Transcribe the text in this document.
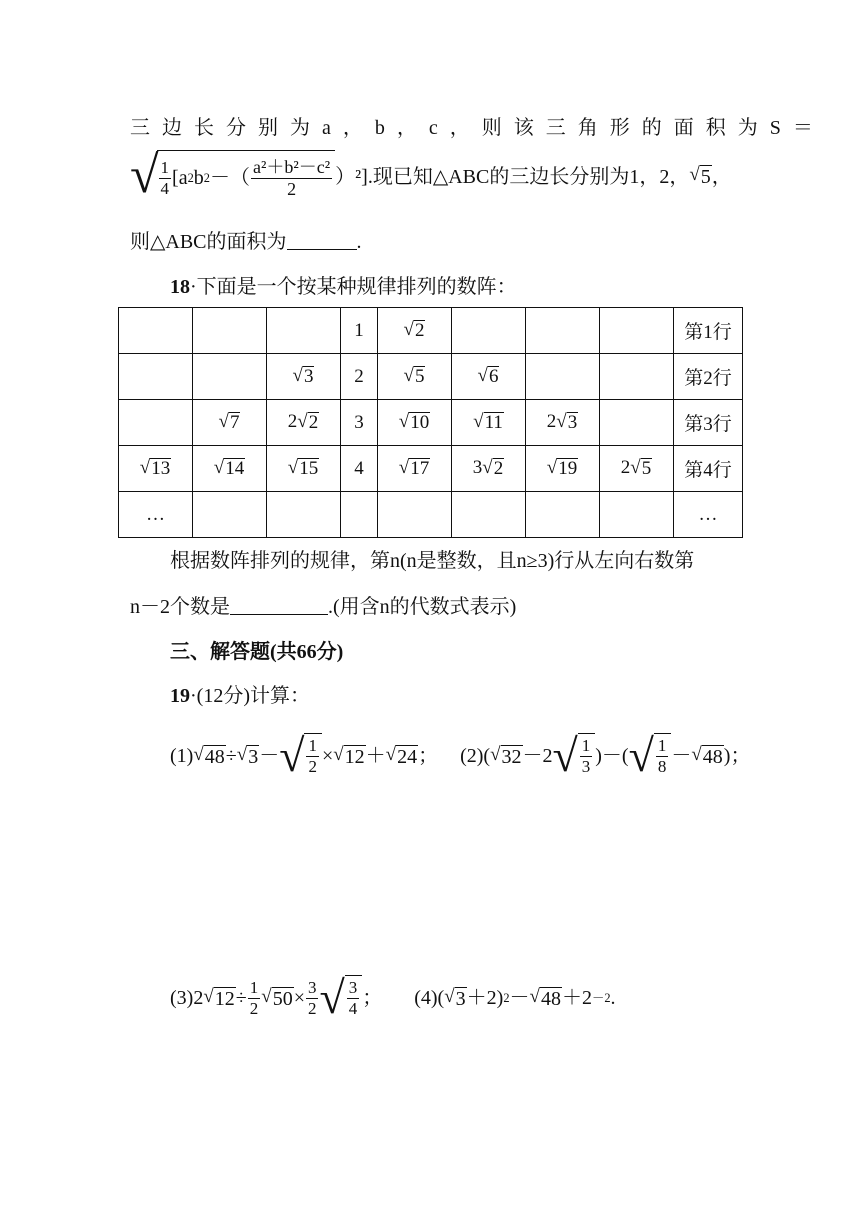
三边长分别为a，b，c，则该三角形的面积为S＝
√ $\frac{1}{4} [a$ 2 b 2 －（ $\frac{\text{a²＋b²－c²}}{2} )^2$].现已知△ABC的三边长分别为1，2， √ 5 ，
则△ABC的面积为	.
18·下面是一个按某种规律排列的数阵：
			1	√ 2				第1行

		√ 3	2	√ 5	√ 6			第2行

	√ 7	2 √ 2	3	√ 10	√ 11	2 √ 3		第3行

√ 13	√ 14	√ 15	4	√ 17	3 √ 2	√ 19	2 √ 5	第4行
…								…
根据数阵排列的规律，第n(n是整数，且n≥3)行从左向右数第
n－2个数是	.(用含n的代数式表示)
三、解答题(共66分)
19·(12分)计算：
(1) √ 48 ÷ √ 3 － √ $\frac{1}{2}$ × √ 12 ＋ √ 24 ； (2)( √ 32 －2 √ $\frac{1}{3}$ )－( √ $\frac{1}{8}$ － √ 48 )；
(3)2 √ $12 \div \frac{1}{2}$ √ $50 \times \frac{3}{2}$ √ $\frac{3}{4}$ ； (4)( √ 3 ＋2) 2 － √ 48 ＋2 －2 .
